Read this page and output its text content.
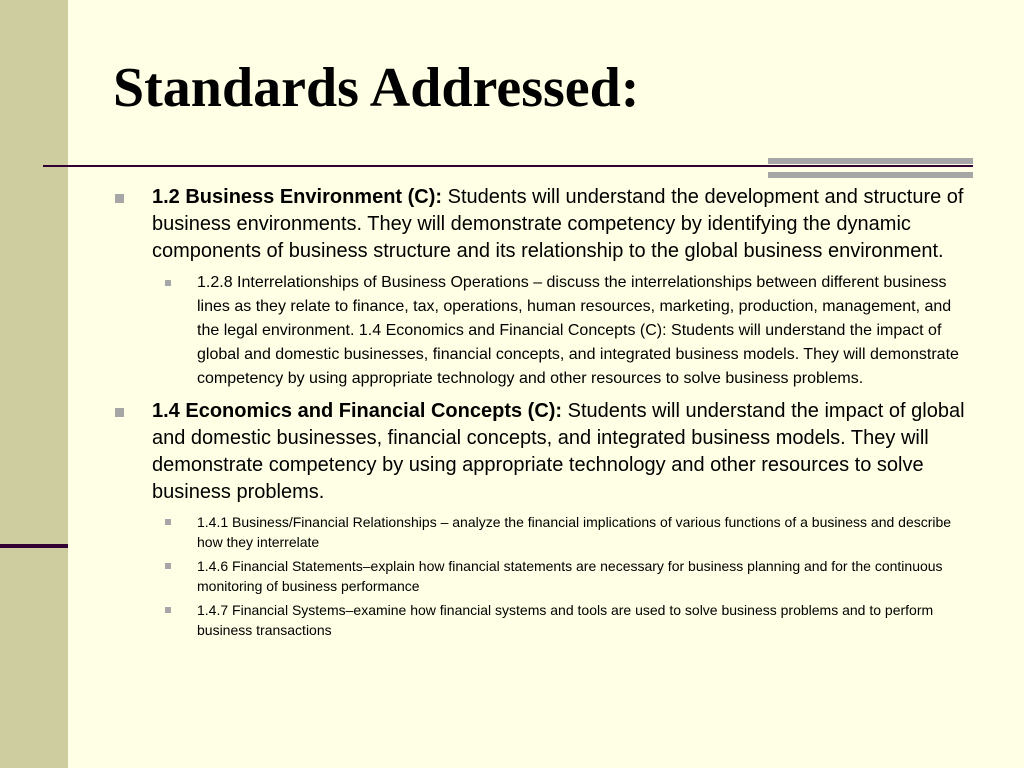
Standards Addressed:
1.2 Business Environment (C): Students will understand the development and structure of business environments. They will demonstrate competency by identifying the dynamic components of business structure and its relationship to the global business environment.
1.2.8 Interrelationships of Business Operations – discuss the interrelationships between different business lines as they relate to finance, tax, operations, human resources, marketing, production, management, and the legal environment. 1.4 Economics and Financial Concepts (C): Students will understand the impact of global and domestic businesses, financial concepts, and integrated business models. They will demonstrate competency by using appropriate technology and other resources to solve business problems.
1.4 Economics and Financial Concepts (C): Students will understand the impact of global and domestic businesses, financial concepts, and integrated business models. They will demonstrate competency by using appropriate technology and other resources to solve business problems.
1.4.1 Business/Financial Relationships – analyze the financial implications of various functions of a business and describe how they interrelate
1.4.6 Financial Statements–explain how financial statements are necessary for business planning and for the continuous monitoring of business performance
1.4.7 Financial Systems–examine how financial systems and tools are used to solve business problems and to perform business transactions
